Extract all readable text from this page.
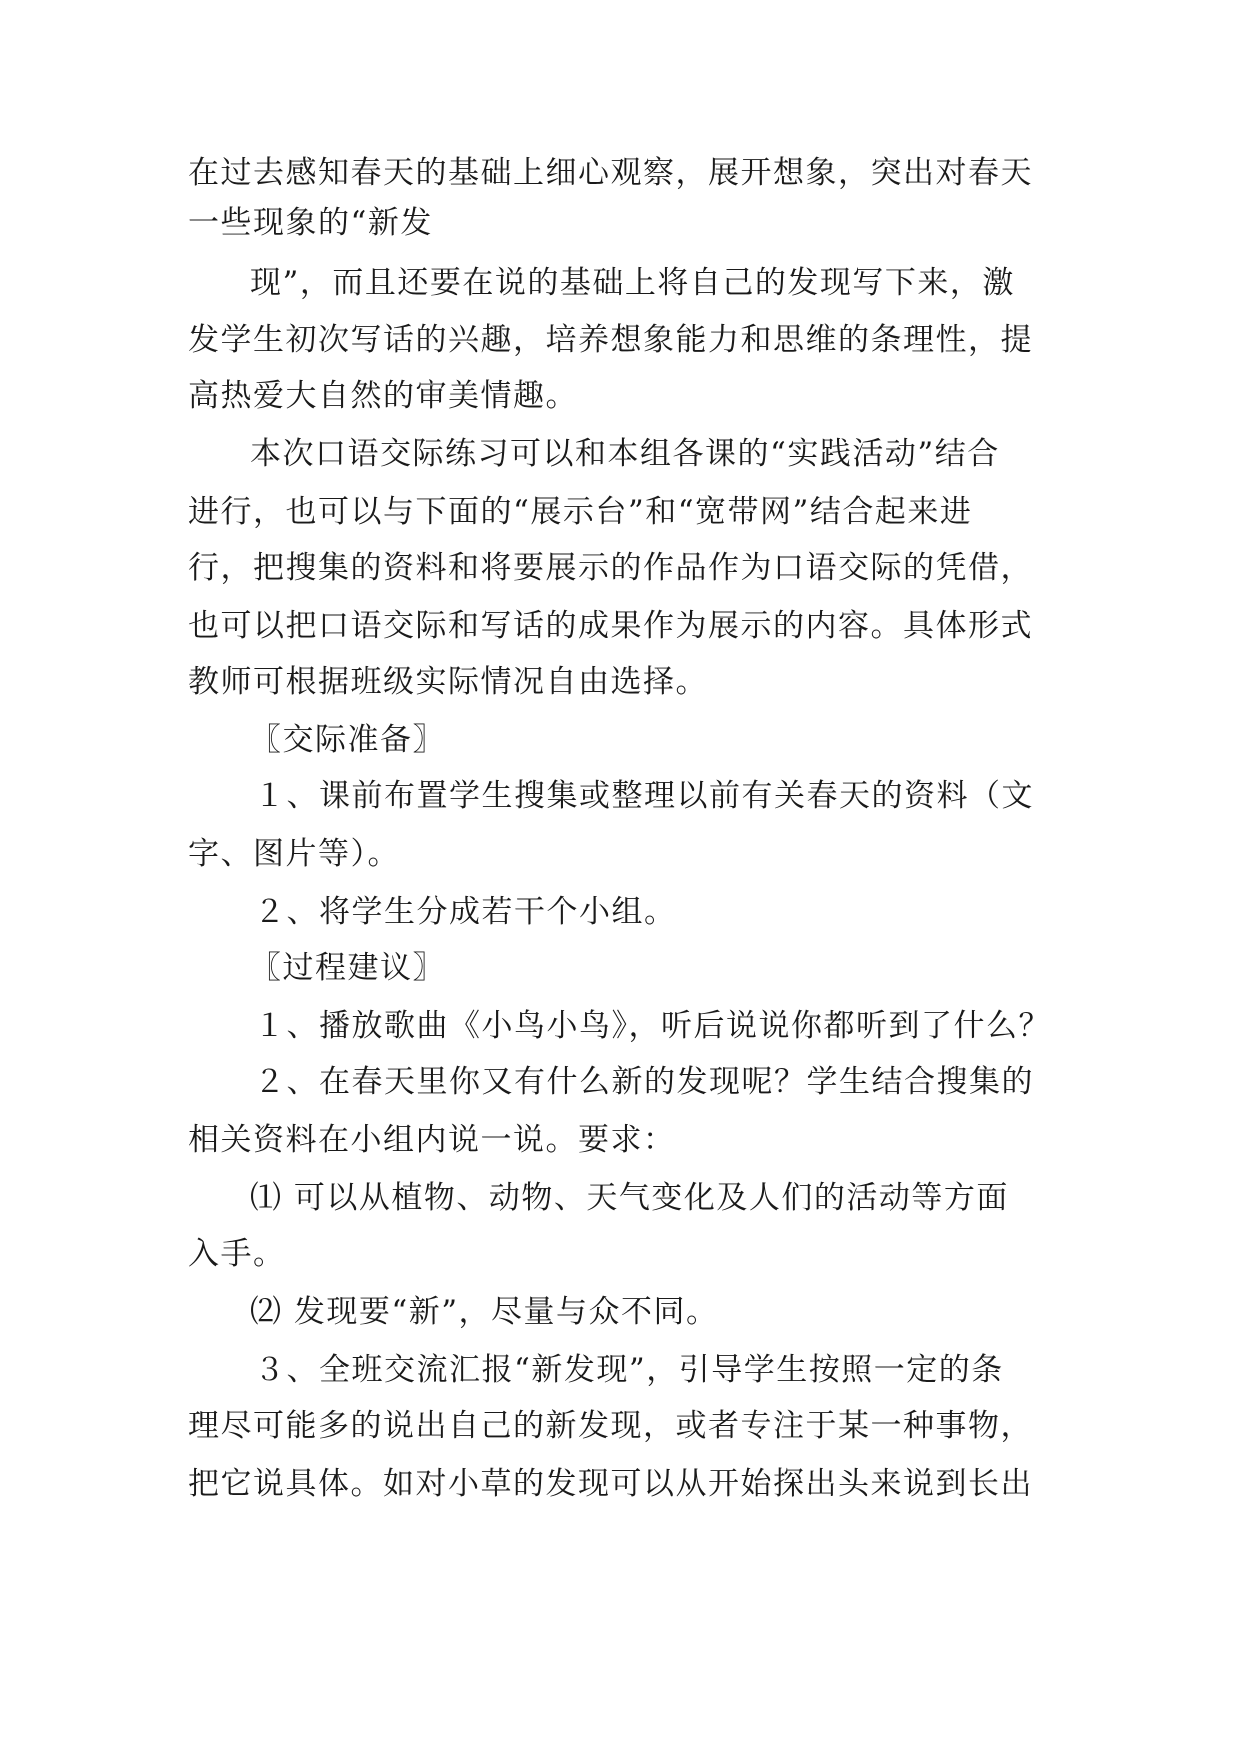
在过去感知春天的基础上细心观察，展开想象，突出对春天
一些现象的“新发
现”，而且还要在说的基础上将自己的发现写下来，激
发学生初次写话的兴趣，培养想象能力和思维的条理性，提
高热爱大自然的审美情趣。
本次口语交际练习可以和本组各课的“实践活动”结合
进行，也可以与下面的“展示台”和“宽带网”结合起来进
行，把搜集的资料和将要展示的作品作为口语交际的凭借，
也可以把口语交际和写话的成果作为展示的内容。具体形式
教师可根据班级实际情况自由选择。
〖交际准备〗
１、课前布置学生搜集或整理以前有关春天的资料（文
字、图片等）。
２、将学生分成若干个小组。
〖过程建议〗
１、播放歌曲《小鸟小鸟》，听后说说你都听到了什么？
２、在春天里你又有什么新的发现呢？学生结合搜集的
相关资料在小组内说一说。要求：
⑴ 可以从植物、动物、天气变化及人们的活动等方面
入手。
⑵ 发现要“新”，尽量与众不同。
３、全班交流汇报“新发现”，引导学生按照一定的条
理尽可能多的说出自己的新发现，或者专注于某一种事物，
把它说具体。如对小草的发现可以从开始探出头来说到长出
